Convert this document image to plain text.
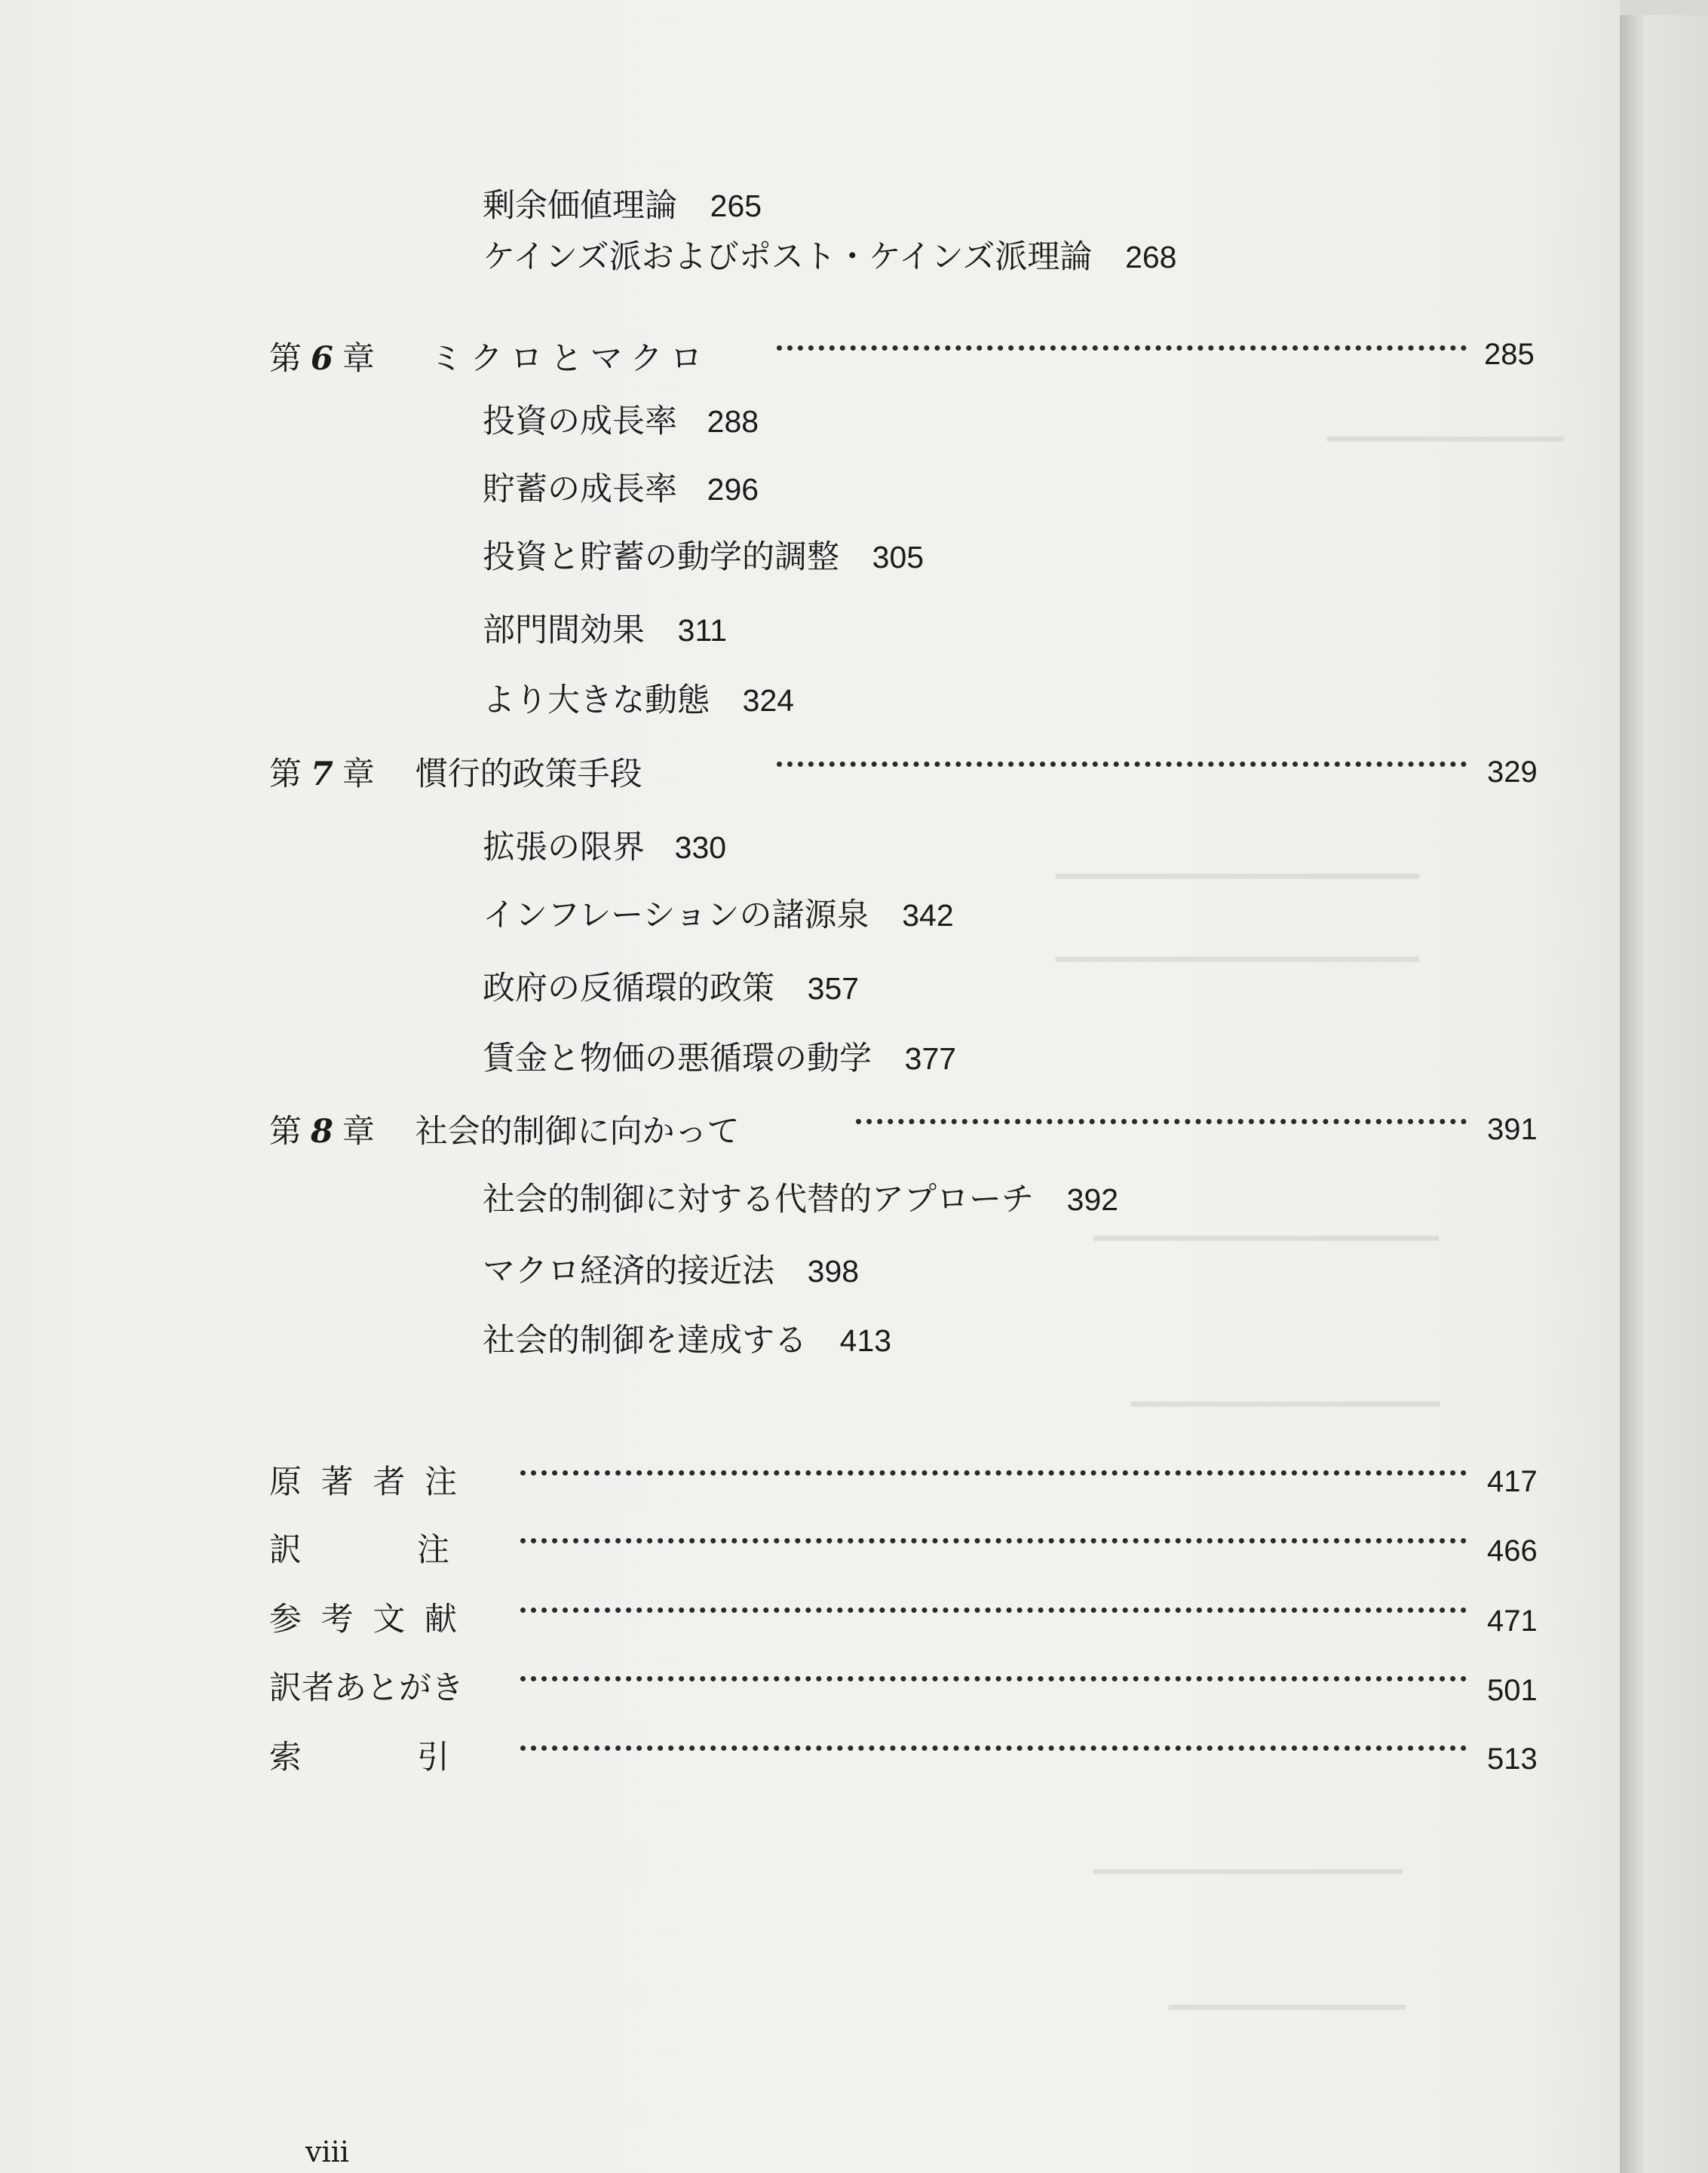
━━━━━━━━━━━━━
━━━━━━━━━━━━━━━━━━━━
━━━━━━━━━━━━━━━━━━━━
━━━━━━━━━━━━━━━━━━━
━━━━━━━━━━━━━━━━━
━━━━━━━━━━━━━━━━━
━━━━━━━━━━━━━
剰余価値理論 265
ケインズ派およびポスト・ケインズ派理論 268
第 6 章 ミクロとマクロ	285
投資の成長率 288
貯蓄の成長率 296
投資と貯蓄の動学的調整 305
部門間効果 311
より大きな動態 324
第 7 章 慣行的政策手段	329
拡張の限界 330
インフレーションの諸源泉 342
政府の反循環的政策 357
賃金と物価の悪循環の動学 377
第 8 章 社会的制御に向かって	391
社会的制御に対する代替的アプローチ 392
マクロ経済的接近法 398
社会的制御を達成する 413
原 著 者 注	417
訳　　　注	466
参 考 文 献	471
訳者あとがき	501
索　　　引	513
viii
